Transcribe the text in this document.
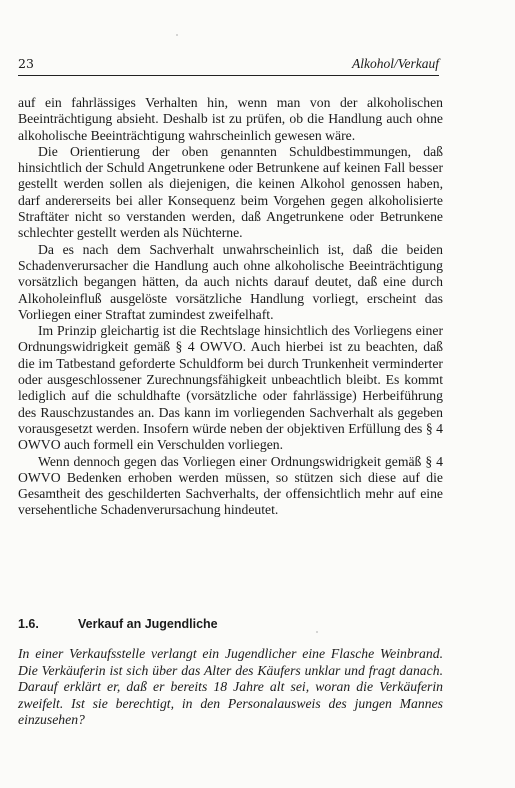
23	Alkohol/Verkauf

auf ein fahrlässiges Verhalten hin, wenn man von der alkoholischen Beeinträchtigung absieht. Deshalb ist zu prüfen, ob die Handlung auch ohne alkoholische Beeinträchtigung wahrscheinlich gewesen wäre.

Die Orientierung der oben genannten Schuldbestimmungen, daß hinsichtlich der Schuld Angetrunkene oder Betrunkene auf keinen Fall besser gestellt werden sollen als diejenigen, die keinen Alkohol genossen haben, darf andererseits bei aller Konsequenz beim Vorgehen gegen alkoholisierte Straftäter nicht so verstanden werden, daß Angetrunkene oder Betrunkene schlechter gestellt werden als Nüchterne.

Da es nach dem Sachverhalt unwahrscheinlich ist, daß die beiden Schadenverursacher die Handlung auch ohne alkoholische Beeinträchtigung vorsätzlich begangen hätten, da auch nichts darauf deutet, daß eine durch Alkoholeinfluß ausgelöste vorsätzliche Handlung vorliegt, erscheint das Vorliegen einer Straftat zumindest zweifelhaft.

Im Prinzip gleichartig ist die Rechtslage hinsichtlich des Vorliegens einer Ordnungswidrigkeit gemäß § 4 OWVO. Auch hierbei ist zu beachten, daß die im Tatbestand geforderte Schuldform bei durch Trunkenheit verminderter oder ausgeschlossener Zurechnungsfähigkeit unbeachtlich bleibt. Es kommt lediglich auf die schuldhafte (vorsätzliche oder fahrlässige) Herbeiführung des Rauschzustandes an. Das kann im vorliegenden Sachverhalt als gegeben vorausgesetzt werden. Insofern würde neben der objektiven Erfüllung des § 4 OWVO auch formell ein Verschulden vorliegen.

Wenn dennoch gegen das Vorliegen einer Ordnungswidrigkeit gemäß § 4 OWVO Bedenken erhoben werden müssen, so stützen sich diese auf die Gesamtheit des geschilderten Sachverhalts, der offensichtlich mehr auf eine versehentliche Schadenverursachung hindeutet.

1.6.	Verkauf an Jugendliche

In einer Verkaufsstelle verlangt ein Jugendlicher eine Flasche Weinbrand. Die Verkäuferin ist sich über das Alter des Käufers unklar und fragt danach. Darauf erklärt er, daß er bereits 18 Jahre alt sei, woran die Verkäuferin zweifelt. Ist sie berechtigt, in den Personalausweis des jungen Mannes einzusehen?
